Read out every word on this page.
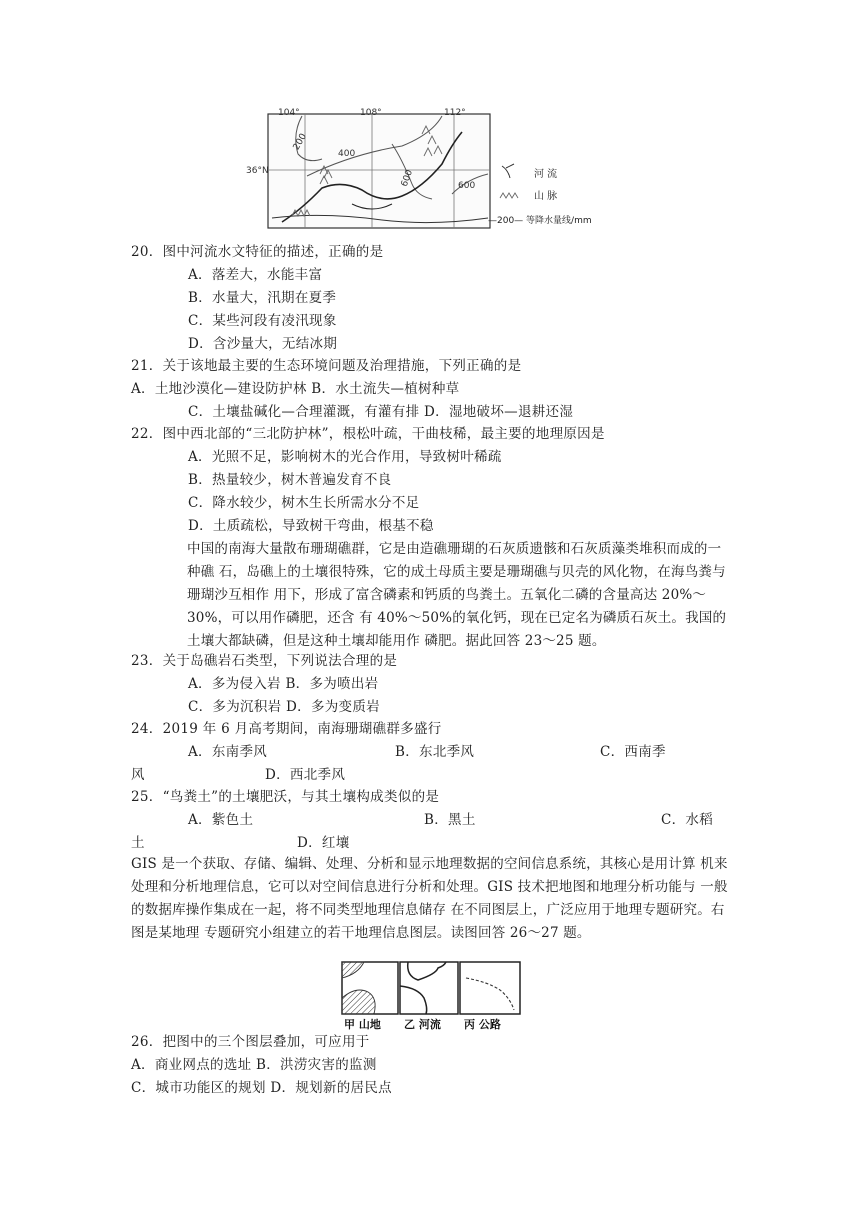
104°	108°	112°
36°N
200
400
600	600
河 流
山 脉
—200— 等降水量线/mm
20．图中河流水文特征的描述，正确的是
A．落差大，水能丰富
B．水量大，汛期在夏季
C．某些河段有凌汛现象
D．含沙量大，无结冰期
21．关于该地最主要的生态环境问题及治理措施，下列正确的是
A．土地沙漠化—建设防护林 B．水土流失—植树种草
C．土壤盐碱化—合理灌溉，有灌有排 D．湿地破坏—退耕还湿
22．图中西北部的“三北防护林”，根松叶疏，干曲枝稀，最主要的地理原因是
A．光照不足，影响树木的光合作用，导致树叶稀疏
B．热量较少，树木普遍发育不良
C．降水较少，树木生长所需水分不足
D．土质疏松，导致树干弯曲，根基不稳
中国的南海大量散布珊瑚礁群，它是由造礁珊瑚的石灰质遗骸和石灰质藻类堆积而成的一种礁 石，岛礁上的土壤很特殊，它的成土母质主要是珊瑚礁与贝壳的风化物，在海鸟粪与珊瑚沙互相作 用下，形成了富含磷素和钙质的鸟粪土。五氧化二磷的含量高达 20%～30%，可以用作磷肥，还含 有 40%～50%的氧化钙，现在已定名为磷质石灰土。我国的土壤大都缺磷，但是这种土壤却能用作 磷肥。据此回答 23～25 题。
23．关于岛礁岩石类型，下列说法合理的是
A．多为侵入岩 B．多为喷出岩
C．多为沉积岩 D．多为变质岩
24．2019 年 6 月高考期间，南海珊瑚礁群多盛行
A．东南季风	B．东北季风	C．西南季
风	D．西北季风
25．“鸟粪土”的土壤肥沃，与其土壤构成类似的是
A．紫色土	B．黑土	C．水稻
土	D．红壤
GIS 是一个获取、存储、编辑、处理、分析和显示地理数据的空间信息系统，其核心是用计算 机来处理和分析地理信息，它可以对空间信息进行分析和处理。GIS 技术把地图和地理分析功能与 一般的数据库操作集成在一起，将不同类型地理信息储存 在不同图层上，广泛应用于地理专题研究。右图是某地理 专题研究小组建立的若干地理信息图层。读图回答 26～27 题。
甲 山地 乙 河流 丙 公路
26．把图中的三个图层叠加，可应用于
A．商业网点的选址 B．洪涝灾害的监测
C．城市功能区的规划 D．规划新的居民点
